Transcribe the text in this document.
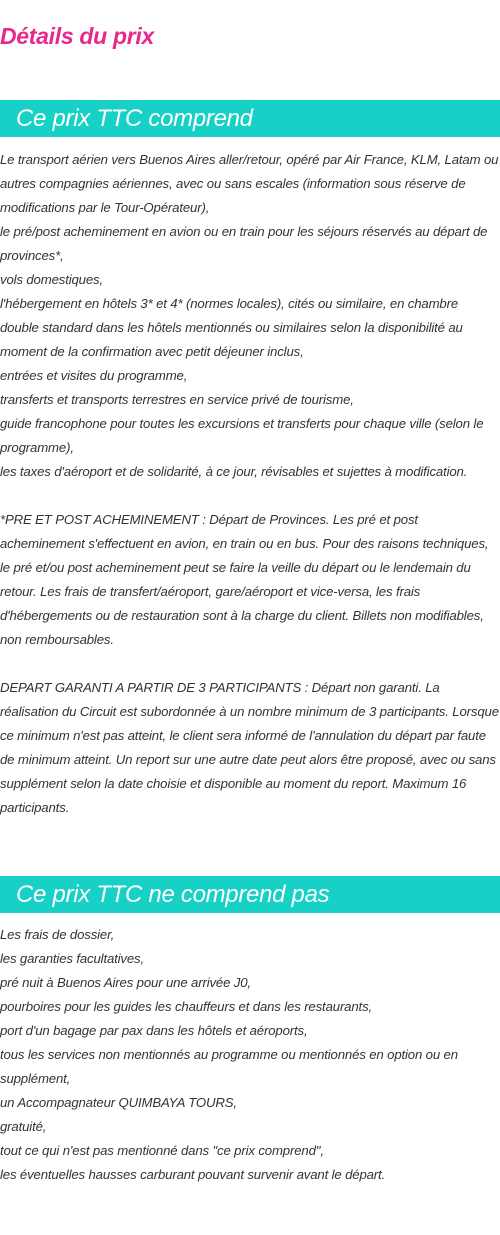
Détails du prix
Ce prix TTC comprend
Le transport aérien vers Buenos Aires aller/retour, opéré par Air France, KLM, Latam ou autres compagnies aériennes, avec ou sans escales (information sous réserve de modifications par le Tour-Opérateur),
le pré/post acheminement en avion ou en train pour les séjours réservés au départ de provinces*,
vols domestiques,
l'hébergement en hôtels 3* et 4* (normes locales), cités ou similaire, en chambre double standard dans les hôtels mentionnés ou similaires selon la disponibilité au moment de la confirmation avec petit déjeuner inclus,
entrées et visites du programme,
transferts et transports terrestres en service privé de tourisme,
guide francophone pour toutes les excursions et transferts pour chaque ville (selon le programme),
les taxes d'aéroport et de solidarité, à ce jour, révisables et sujettes à modification.

*PRE ET POST ACHEMINEMENT : Départ de Provinces. Les pré et post acheminement s'effectuent en avion, en train ou en bus. Pour des raisons techniques, le pré et/ou post acheminement peut se faire la veille du départ ou le lendemain du retour. Les frais de transfert/aéroport, gare/aéroport et vice-versa, les frais d'hébergements ou de restauration sont à la charge du client. Billets non modifiables, non remboursables.

DEPART GARANTI A PARTIR DE 3 PARTICIPANTS : Départ non garanti. La réalisation du Circuit est subordonnée à un nombre minimum de 3 participants. Lorsque ce minimum n'est pas atteint, le client sera informé de l'annulation du départ par faute de minimum atteint. Un report sur une autre date peut alors être proposé, avec ou sans supplément selon la date choisie et disponible au moment du report. Maximum 16 participants.

Ce prix TTC ne comprend pas
Les frais de dossier,
les garanties facultatives,
pré nuit à Buenos Aires pour une arrivée J0,
pourboires pour les guides les chauffeurs et dans les restaurants,
port d'un bagage par pax dans les hôtels et aéroports,
tous les services non mentionnés au programme ou mentionnés en option ou en supplément,
un Accompagnateur QUIMBAYA TOURS,
gratuité,
tout ce qui n'est pas mentionné dans "ce prix comprend",
les éventuelles hausses carburant pouvant survenir avant le départ.
